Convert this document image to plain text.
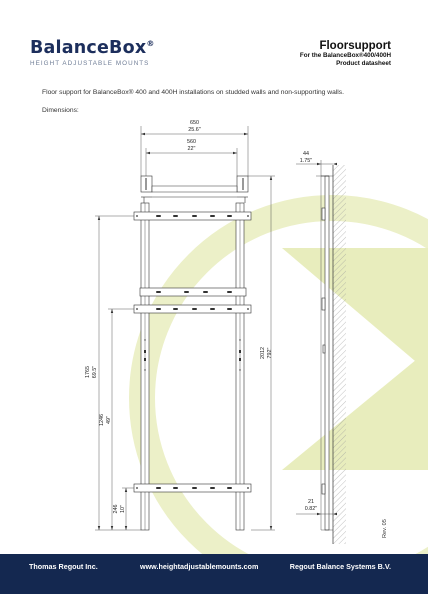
BalanceBox®
HEIGHT ADJUSTABLE MOUNTS
Floorsupport
For the BalanceBox®400/400H
Product datasheet
Floor support for BalanceBox® 400 and 400H installations on studded walls and non-supporting walls.
Dimensions:
650
25.6"
560
22"
1765 69.5"
1246 49"
246 10"
2012 792"
44
1.75"
21
0.82"
Rev. 05
Thomas Regout Inc.	www.heightadjustablemounts.com	Regout Balance Systems B.V.
